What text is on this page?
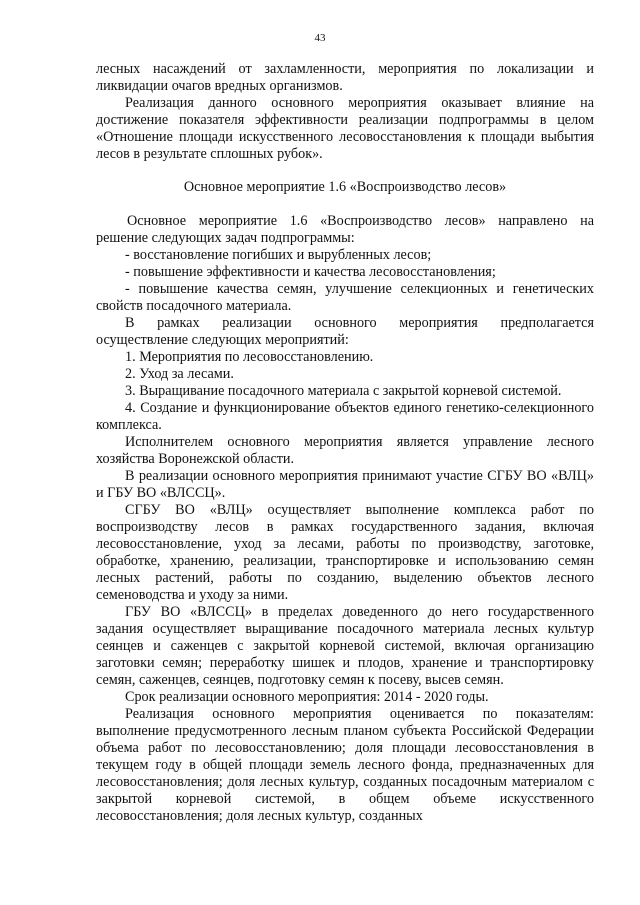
43

лесных насаждений от захламленности, мероприятия по локализации и ликвидации очагов вредных организмов.

Реализация данного основного мероприятия оказывает влияние на достижение показателя эффективности реализации подпрограммы в целом «Отношение площади искусственного лесовосстановления к площади выбытия лесов в результате сплошных рубок».

Основное мероприятие 1.6 «Воспроизводство лесов»

Основное мероприятие 1.6 «Воспроизводство лесов» направлено на решение следующих задач подпрограммы:

- восстановление погибших и вырубленных лесов;

- повышение эффективности и качества лесовосстановления;

- повышение качества семян, улучшение селекционных и генетических свойств посадочного материала.

В рамках реализации основного мероприятия предполагается осуществление следующих мероприятий:

1. Мероприятия по лесовосстановлению.

2. Уход за лесами.

3. Выращивание посадочного материала с закрытой корневой системой.

4. Создание и функционирование объектов единого генетико-селекционного комплекса.

Исполнителем основного мероприятия является управление лесного хозяйства Воронежской области.

В реализации основного мероприятия принимают участие СГБУ ВО «ВЛЦ» и ГБУ ВО «ВЛССЦ».

СГБУ ВО «ВЛЦ» осуществляет выполнение комплекса работ по воспроизводству лесов в рамках государственного задания, включая лесовосстановление, уход за лесами, работы по производству, заготовке, обработке, хранению, реализации, транспортировке и использованию семян лесных растений, работы по созданию, выделению объектов лесного семеноводства и уходу за ними.

ГБУ ВО «ВЛССЦ» в пределах доведенного до него государственного задания осуществляет выращивание посадочного материала лесных культур сеянцев и саженцев с закрытой корневой системой, включая организацию заготовки семян; переработку шишек и плодов, хранение и транспортировку семян, саженцев, сеянцев, подготовку семян к посеву, высев семян.

Срок реализации основного мероприятия: 2014 - 2020 годы.

Реализация основного мероприятия оценивается по показателям: выполнение предусмотренного лесным планом субъекта Российской Федерации объема работ по лесовосстановлению; доля площади лесовосстановления в текущем году в общей площади земель лесного фонда, предназначенных для лесовосстановления; доля лесных культур, созданных посадочным материалом с закрытой корневой системой, в общем объеме искусственного лесовосстановления; доля лесных культур, созданных
